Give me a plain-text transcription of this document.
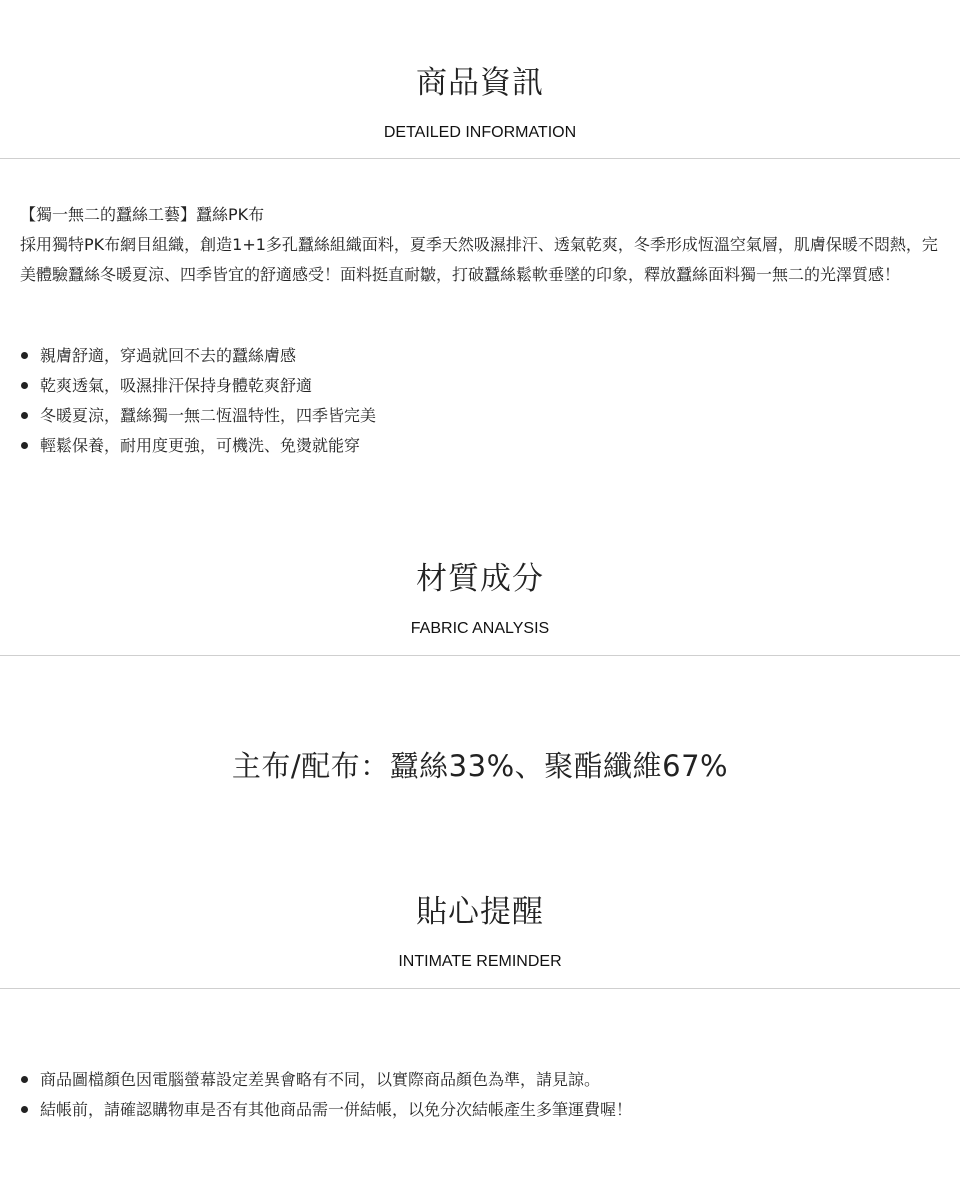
商品資訊
DETAILED INFORMATION

【獨一無二的蠶絲工藝】蠶絲PK布

採用獨特PK布網目組織，創造1+1多孔蠶絲組織面料，夏季天然吸濕排汗、透氣乾爽，冬季形成恆溫空氣層，肌膚保暖不悶熱，完美體驗蠶絲冬暖夏涼、四季皆宜的舒適感受！面料挺直耐皺，打破蠶絲鬆軟垂墜的印象，釋放蠶絲面料獨一無二的光澤質感！

親膚舒適，穿過就回不去的蠶絲膚感
乾爽透氣，吸濕排汗保持身體乾爽舒適
冬暖夏涼，蠶絲獨一無二恆溫特性，四季皆完美
輕鬆保養，耐用度更強，可機洗、免燙就能穿
材質成分
FABRIC ANALYSIS
主布/配布：蠶絲33%、聚酯纖維67%
貼心提醒
INTIMATE REMINDER
商品圖檔顏色因電腦螢幕設定差異會略有不同，以實際商品顏色為準，請見諒。
結帳前，請確認購物車是否有其他商品需一併結帳，以免分次結帳產生多筆運費喔！
